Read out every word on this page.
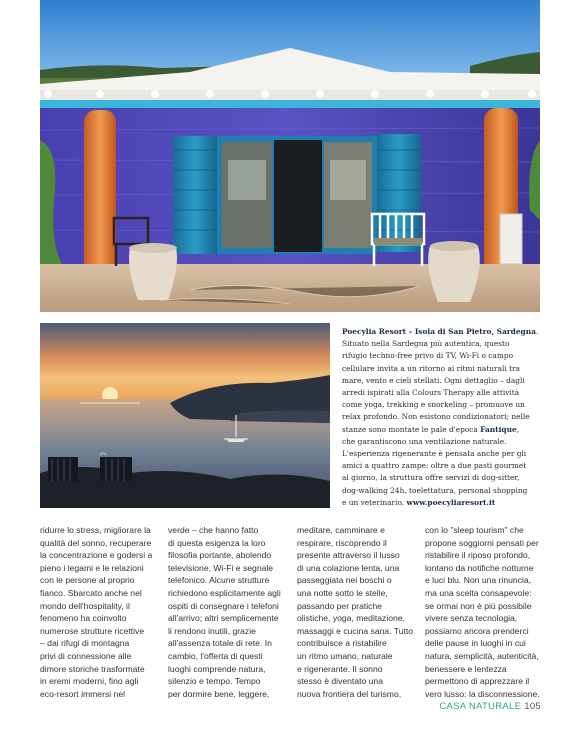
Poecylia Resort – Isola di San Pietro, Sardegna.
Situato nella Sardegna più autentica, questo
rifugio techno-free privo di TV, Wi-Fi o campo
cellulare invita a un ritorno ai ritmi naturali tra
mare, vento e cieli stellati. Ogni dettaglio – dagli
arredi ispirati alla Colours Therapy alle attività
come yoga, trekking e snorkeling – promuove un
relax profondo. Non esistono condizionatori; nelle
stanze sono montate le pale d'epoca Fantique,
che garantiscono una ventilazione naturale.
L'esperienza rigenerante è pensata anche per gli
amici a quattro zampe: oltre a due pasti gourmet
al giorno, la struttura offre servizi di dog-sitter,
dog-walking 24h, toelettatura, personal shopping
e un veterinario. www.poecyliaresort.it
ridurre lo stress, migliorare la
qualità del sonno, recuperare
la concentrazione e godersi a
pieno i legami e le relazioni
con le persone al proprio
fianco. Sbarcato anche nel
mondo dell'hospitality, il
fenomeno ha coinvolto
numerose strutture ricettive
– dai rifugi di montagna
privi di connessione alle
dimore storiche trasformate
in eremi moderni, fino agli
eco-resort immersi nel
verde – che hanno fatto
di questa esigenza la loro
filosofia portante, abolendo
televisione, Wi-Fi e segnale
telefonico. Alcune strutture
richiedono esplicitamente agli
ospiti di consegnare i telefoni
all'arrivo; altri semplicemente
li rendono inutili, grazie
all'assenza totale di rete. In
cambio, l'offerta di questi
luoghi comprende natura,
silenzio e tempo. Tempo
per dormire bene, leggere,
meditare, camminare e
respirare, riscoprendo il
presente attraverso il lusso
di una colazione lenta, una
passeggiata nei boschi o
una notte sotto le stelle,
passando per pratiche
olistiche, yoga, meditazione,
massaggi e cucina sana. Tutto
contribuisce a ristabilire
un ritmo umano, naturale
e rigenerante. Il sonno
stesso è diventato una
nuova frontiera del turismo,
con lo "sleep tourism" che
propone soggiorni pensati per
ristabilire il riposo profondo,
lontano da notifiche notturne
e luci blu. Non una rinuncia,
ma una scelta consapevole:
se ormai non è più possibile
vivere senza tecnologia,
possiamo ancora prenderci
delle pause in luoghi in cui
natura, semplicità, autenticità,
benessere e lentezza
permettono di apprezzare il
vero lusso: la disconnessione.
CASA NATURALE 105
